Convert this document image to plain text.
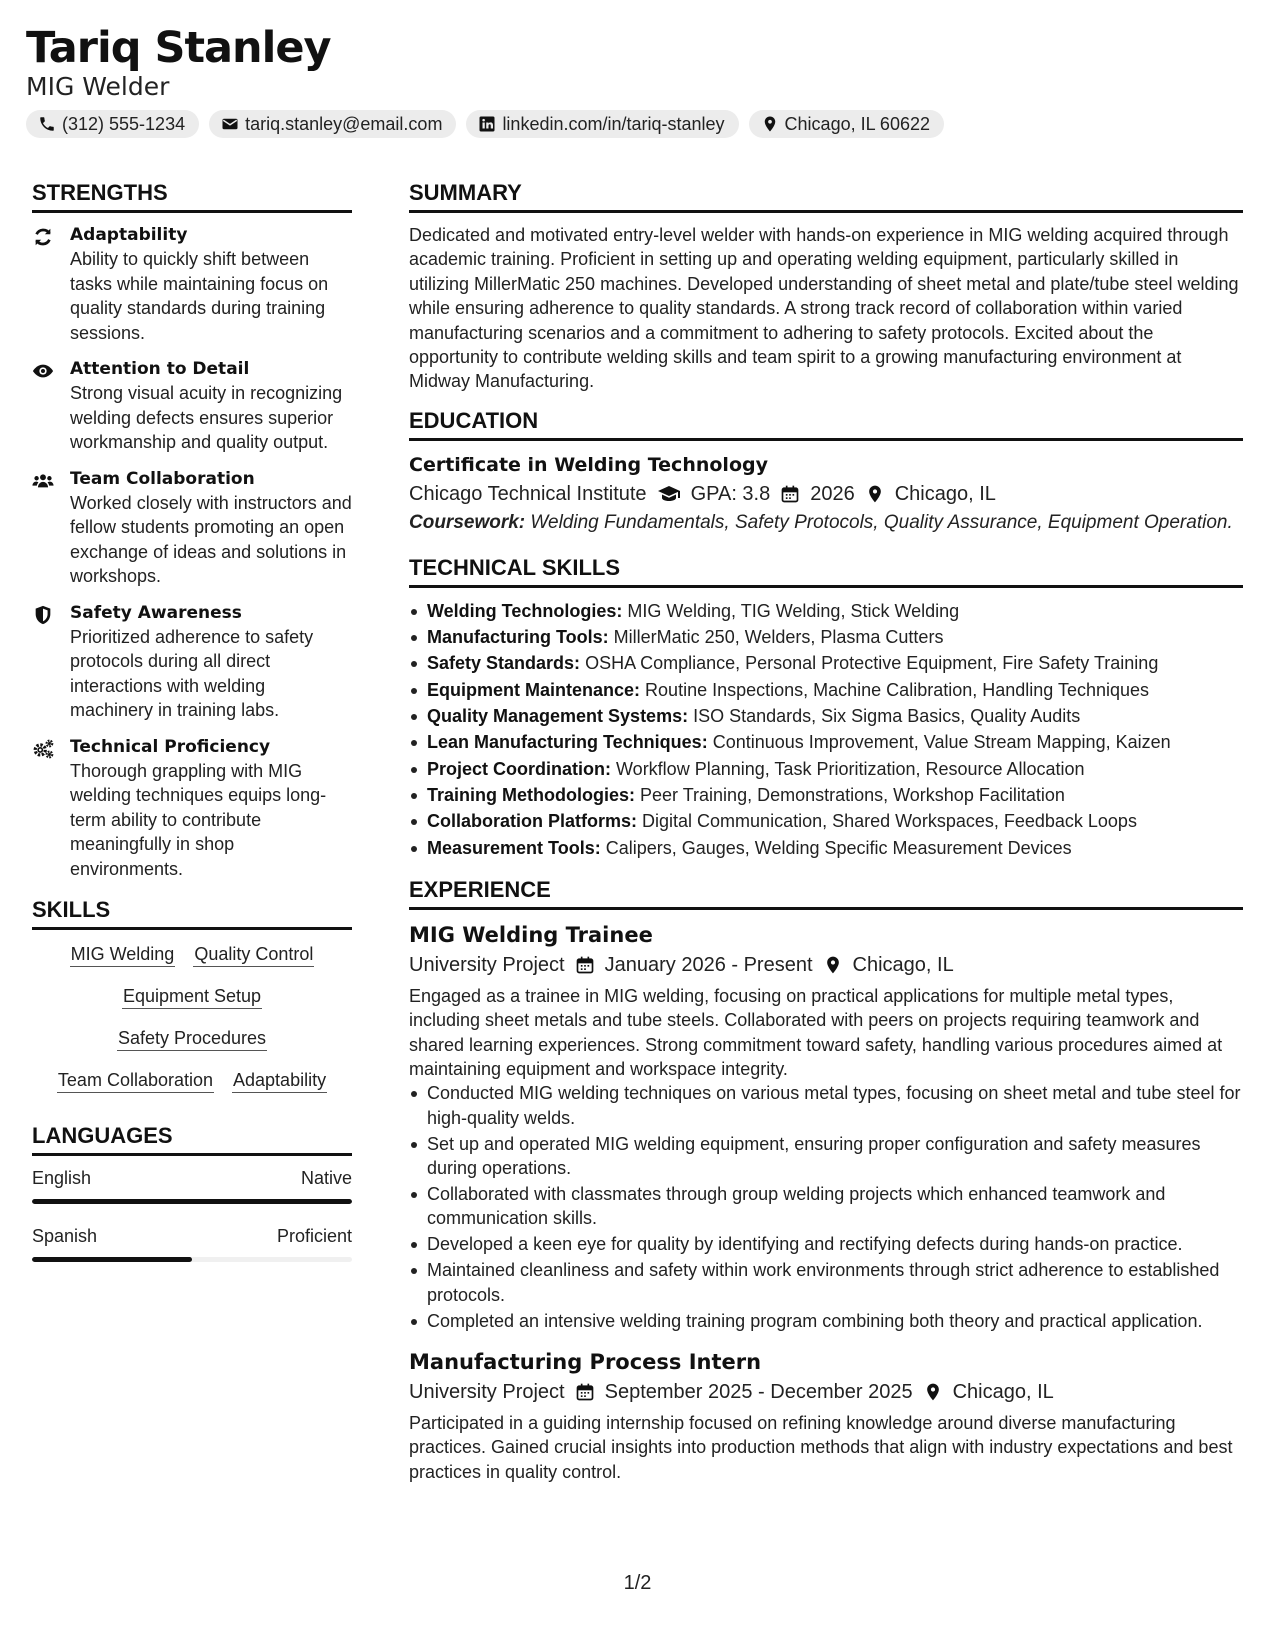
Tariq Stanley
MIG Welder
(312) 555-1234	tariq.stanley@email.com	linkedin.com/in/tariq-stanley	Chicago, IL 60622
STRENGTHS
Adaptability
Ability to quickly shift between tasks while maintaining focus on quality standards during training sessions.
Attention to Detail
Strong visual acuity in recognizing welding defects ensures superior workmanship and quality output.
Team Collaboration
Worked closely with instructors and fellow students promoting an open exchange of ideas and solutions in workshops.
Safety Awareness
Prioritized adherence to safety protocols during all direct interactions with welding machinery in training labs.
Technical Proficiency
Thorough grappling with MIG welding techniques equips long-term ability to contribute meaningfully in shop environments.
SKILLS
MIG Welding Quality Control
Equipment Setup
Safety Procedures
Team Collaboration Adaptability
LANGUAGES
English	Native
Spanish	Proficient
SUMMARY
Dedicated and motivated entry-level welder with hands-on experience in MIG welding acquired through academic training. Proficient in setting up and operating welding equipment, particularly skilled in utilizing MillerMatic 250 machines. Developed understanding of sheet metal and plate/tube steel welding while ensuring adherence to quality standards. A strong track record of collaboration within varied manufacturing scenarios and a commitment to adhering to safety protocols. Excited about the opportunity to contribute welding skills and team spirit to a growing manufacturing environment at Midway Manufacturing.
EDUCATION
Certificate in Welding Technology
Chicago Technical Institute GPA: 3.8 2026 Chicago, IL
Coursework: Welding Fundamentals, Safety Protocols, Quality Assurance, Equipment Operation.
TECHNICAL SKILLS
Welding Technologies: MIG Welding, TIG Welding, Stick Welding
Manufacturing Tools: MillerMatic 250, Welders, Plasma Cutters
Safety Standards: OSHA Compliance, Personal Protective Equipment, Fire Safety Training
Equipment Maintenance: Routine Inspections, Machine Calibration, Handling Techniques
Quality Management Systems: ISO Standards, Six Sigma Basics, Quality Audits
Lean Manufacturing Techniques: Continuous Improvement, Value Stream Mapping, Kaizen
Project Coordination: Workflow Planning, Task Prioritization, Resource Allocation
Training Methodologies: Peer Training, Demonstrations, Workshop Facilitation
Collaboration Platforms: Digital Communication, Shared Workspaces, Feedback Loops
Measurement Tools: Calipers, Gauges, Welding Specific Measurement Devices
EXPERIENCE
MIG Welding Trainee
University Project January 2026 - Present Chicago, IL
Engaged as a trainee in MIG welding, focusing on practical applications for multiple metal types, including sheet metals and tube steels. Collaborated with peers on projects requiring teamwork and shared learning experiences. Strong commitment toward safety, handling various procedures aimed at maintaining equipment and workspace integrity.
Conducted MIG welding techniques on various metal types, focusing on sheet metal and tube steel for high-quality welds.
Set up and operated MIG welding equipment, ensuring proper configuration and safety measures during operations.
Collaborated with classmates through group welding projects which enhanced teamwork and communication skills.
Developed a keen eye for quality by identifying and rectifying defects during hands-on practice.
Maintained cleanliness and safety within work environments through strict adherence to established protocols.
Completed an intensive welding training program combining both theory and practical application.
Manufacturing Process Intern
University Project September 2025 - December 2025 Chicago, IL
Participated in a guiding internship focused on refining knowledge around diverse manufacturing practices. Gained crucial insights into production methods that align with industry expectations and best practices in quality control.
1/2
